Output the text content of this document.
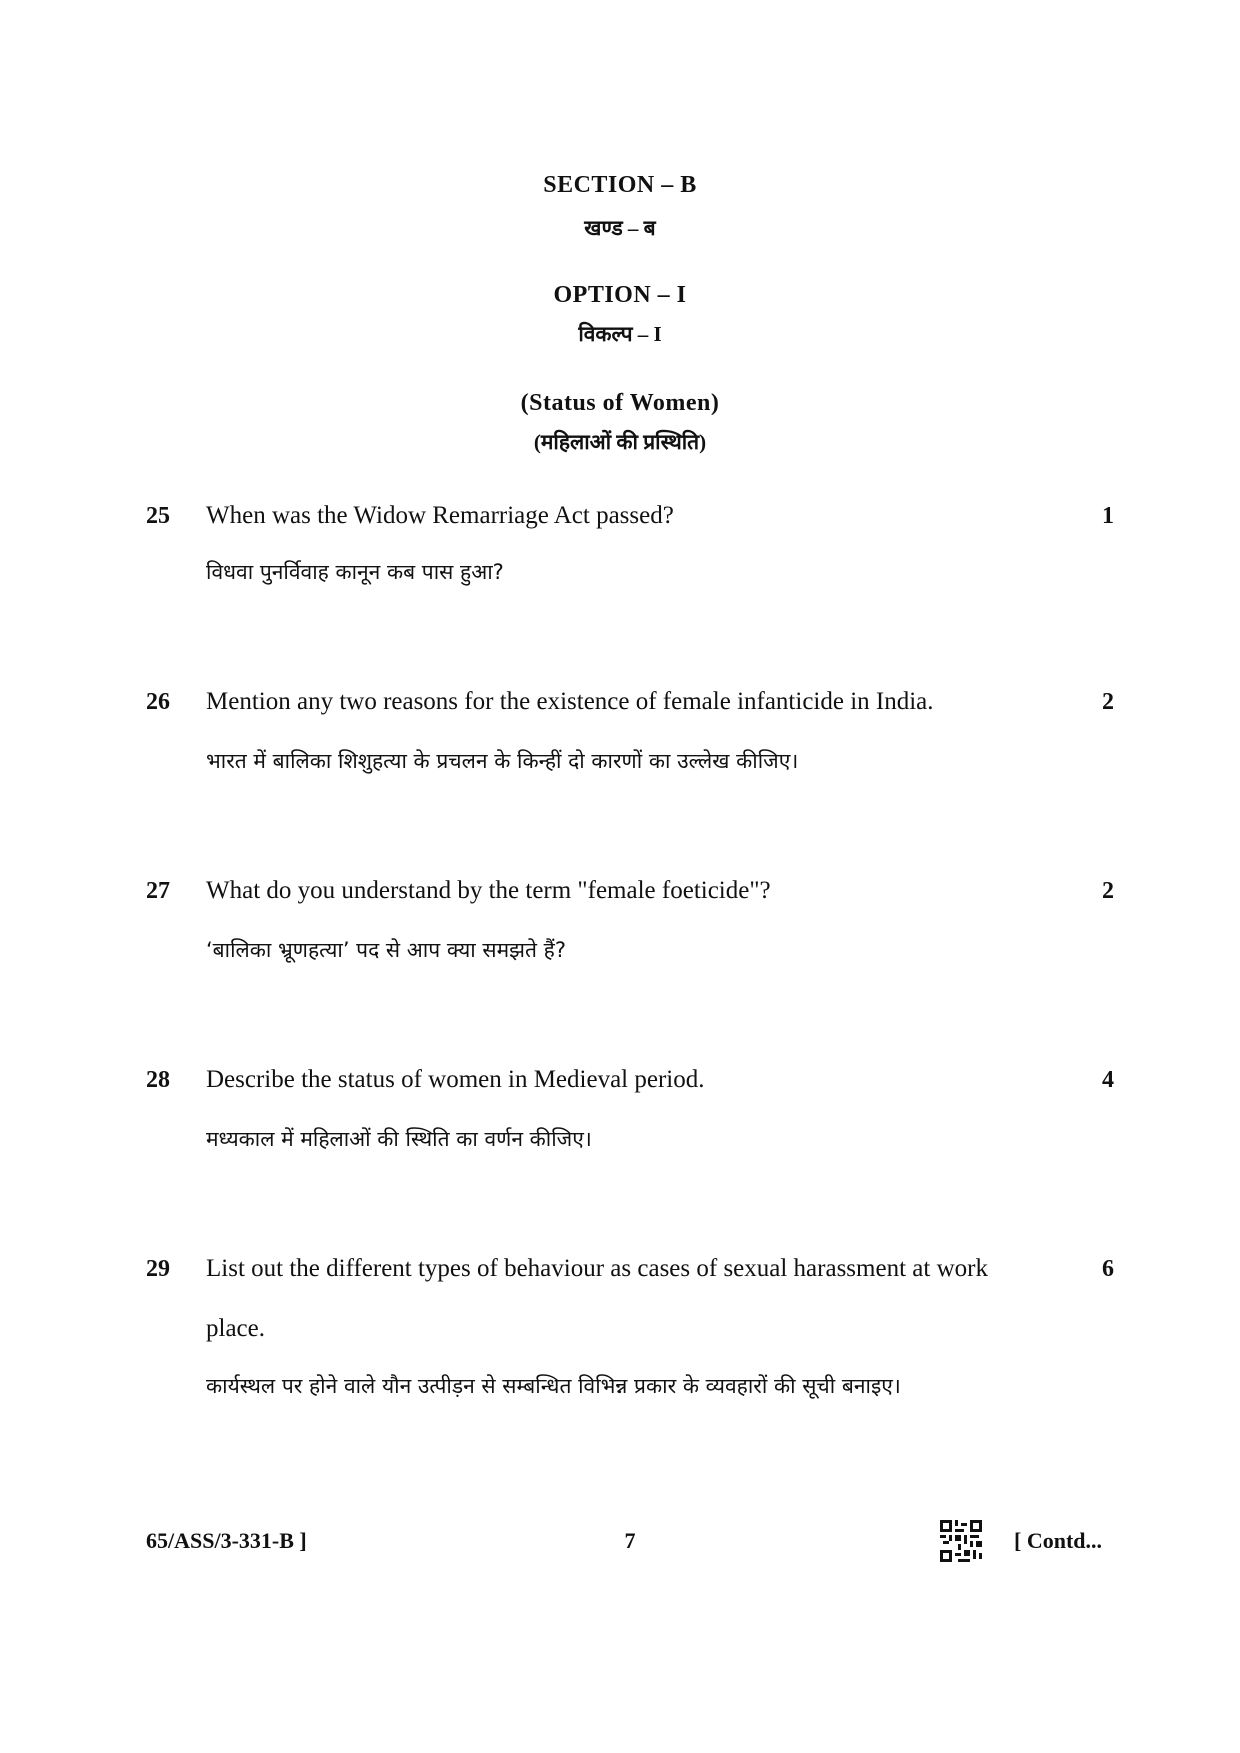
SECTION – B
खण्ड – ब
OPTION – I
विकल्प – I
(Status of Women)
(महिलाओं की प्रस्थिति)
25 When was the Widow Remarriage Act passed?
विधवा पुनर्विवाह कानून कब पास हुआ?
1
26 Mention any two reasons for the existence of female infanticide in India.
भारत में बालिका शिशुहत्या के प्रचलन के किन्हीं दो कारणों का उल्लेख कीजिए।
2
27 What do you understand by the term "female foeticide"?
‘बालिका भ्रूणहत्या’ पद से आप क्या समझते हैं?
2
28 Describe the status of women in Medieval period.
मध्यकाल में महिलाओं की स्थिति का वर्णन कीजिए।
4
29 List out the different types of behaviour as cases of sexual harassment at work place.
कार्यस्थल पर होने वाले यौन उत्पीड़न से सम्बन्धित विभिन्न प्रकार के व्यवहारों की सूची बनाइए।
6
65/ASS/3-331-B ]	7	[ Contd...
